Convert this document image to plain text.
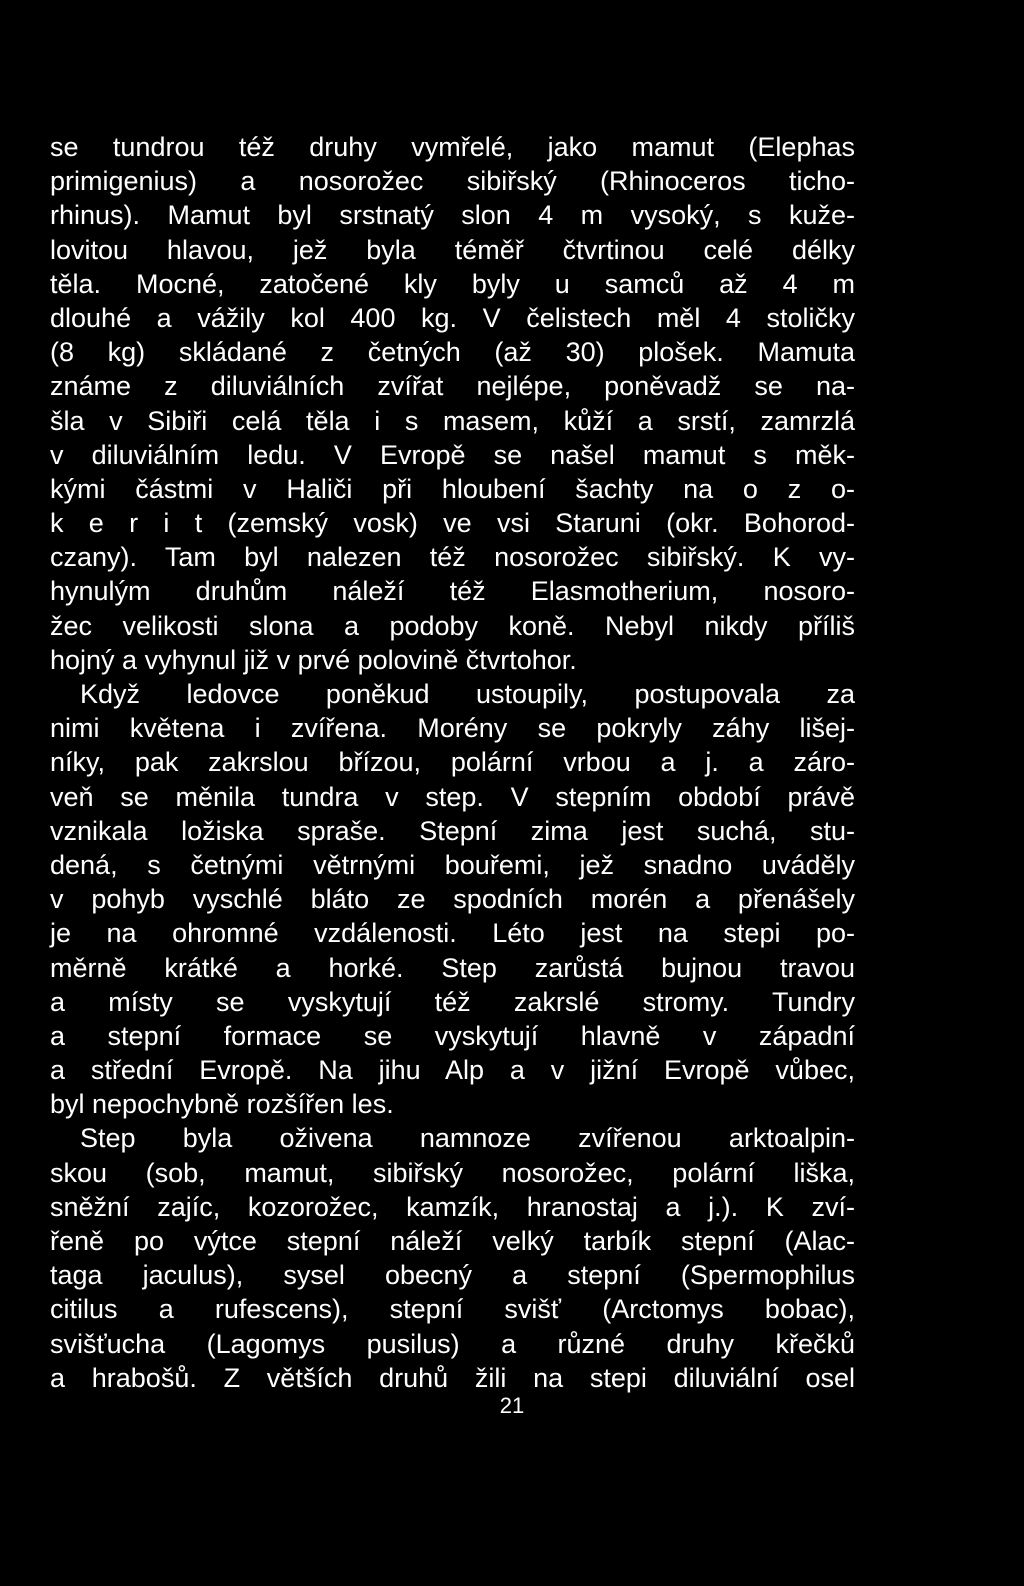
se tundrou též druhy vymřelé, jako mamut (Elephas
primigenius) a nosorožec sibiřský (Rhinoceros ticho-
rhinus). Mamut byl srstnatý slon 4 m vysoký, s kuže-
lovitou hlavou, jež byla téměř čtvrtinou celé délky
těla. Mocné, zatočené kly byly u samců až 4 m
dlouhé a vážily kol 400 kg. V čelistech měl 4 stoličky
(8 kg) skládané z četných (až 30) plošek. Mamuta
známe z diluviálních zvířat nejlépe, poněvadž se na-
šla v Sibiři celá těla i s masem, kůží a srstí, zamrzlá
v diluviálním ledu. V Evropě se našel mamut s měk-
kými částmi v Haliči při hloubení šachty na o z o-
k e r i t (zemský vosk) ve vsi Staruni (okr. Bohorod-
czany). Tam byl nalezen též nosorožec sibiřský. K vy-
hynulým druhům náleží též Elasmotherium, nosoro-
žec velikosti slona a podoby koně. Nebyl nikdy příliš
hojný a vyhynul již v prvé polovině čtvrtohor.
Když ledovce poněkud ustoupily, postupovala za
nimi květena i zvířena. Morény se pokryly záhy lišej-
níky, pak zakrslou břízou, polární vrbou a j. a záro-
veň se měnila tundra v step. V stepním období právě
vznikala ložiska spraše. Stepní zima jest suchá, stu-
dená, s četnými větrnými bouřemi, jež snadno uváděly
v pohyb vyschlé bláto ze spodních morén a přenášely
je na ohromné vzdálenosti. Léto jest na stepi po-
měrně krátké a horké. Step zarůstá bujnou travou
a místy se vyskytují též zakrslé stromy. Tundry
a stepní formace se vyskytují hlavně v západní
a střední Evropě. Na jihu Alp a v jižní Evropě vůbec,
byl nepochybně rozšířen les.
Step byla oživena namnoze zvířenou arktoalpin-
skou (sob, mamut, sibiřský nosorožec, polární liška,
sněžní zajíc, kozorožec, kamzík, hranostaj a j.). K zví-
řeně po výtce stepní náleží velký tarbík stepní (Alac-
taga jaculus), sysel obecný a stepní (Spermophilus
citilus a rufescens), stepní svišť (Arctomys bobac),
svišťucha (Lagomys pusilus) a různé druhy křečků
a hrabošů. Z větších druhů žili na stepi diluviální osel
21
